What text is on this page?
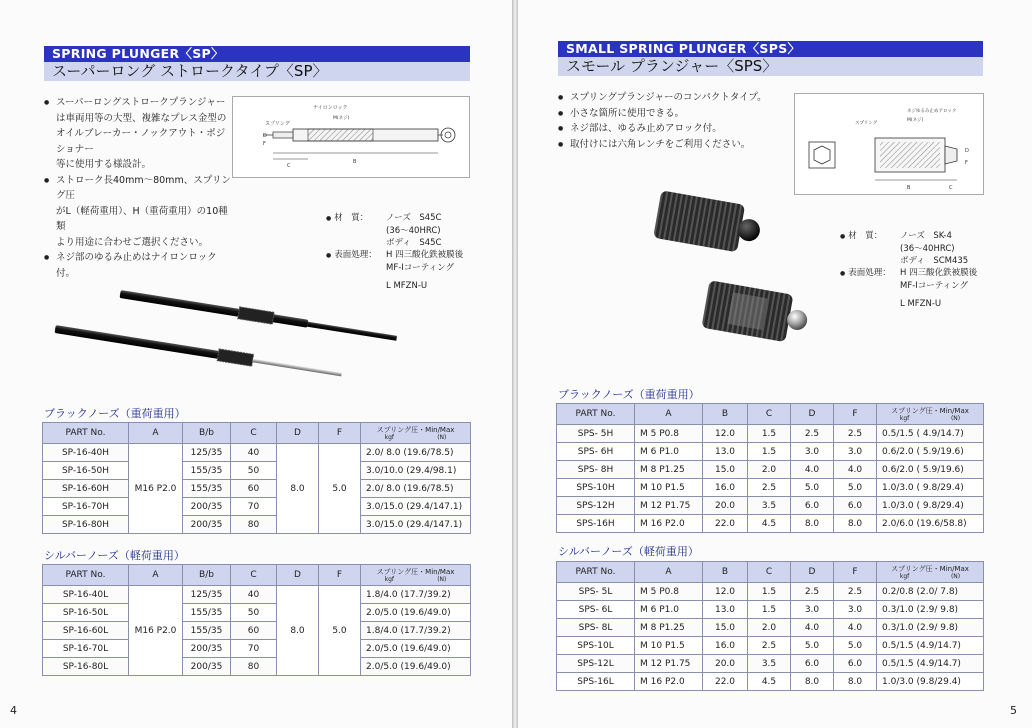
SPRING PLUNGER〈SP〉
スーパーロング ストロークタイプ〈SP〉
● スーパーロングストロークプランジャー
は車両用等の大型、複雑なプレス金型の
オイルブレーカー・ノックアウト・ポジショナー
等に使用する様設計。
● ストローク長40mm〜80mm、スプリング圧
がL（軽荷重用）、H（重荷重用）の10種類
より用途に合わせご選択ください。
● ネジ部のゆるみ止めはナイロンロック付。
ナイロンロック
M(ネジ)
スプリング
B
C
D
F
● 材　質：	ノーズ　S45C
(36〜40HRC)
ボディ　S45C
● 表面処理：	H 四三酸化鉄被膜後
MF-Iコーティング
L MFZN-U
ブラックノーズ（重荷重用）
PART No.	A	B/b	C	D	F	スプリング圧・Min/Max
kgf (N)

SP-16-40H	M16 P2.0	125/35	40	8.0	5.0	2.0/ 8.0 (19.6/78.5)
SP-16-50H		155/35	50			3.0/10.0 (29.4/98.1)
SP-16-60H		155/35	60			2.0/ 8.0 (19.6/78.5)
SP-16-70H		200/35	70			3.0/15.0 (29.4/147.1)
SP-16-80H		200/35	80			3.0/15.0 (29.4/147.1)
シルバーノーズ（軽荷重用）
PART No.	A	B/b	C	D	F	スプリング圧・Min/Max
kgf (N)

SP-16-40L	M16 P2.0	125/35	40	8.0	5.0	1.8/4.0 (17.7/39.2)
SP-16-50L		155/35	50			2.0/5.0 (19.6/49.0)
SP-16-60L		155/35	60			1.8/4.0 (17.7/39.2)
SP-16-70L		200/35	70			2.0/5.0 (19.6/49.0)
SP-16-80L		200/35	80			2.0/5.0 (19.6/49.0)
4
SMALL SPRING PLUNGER〈SPS〉
スモール プランジャー〈SPS〉
● スプリングプランジャーのコンパクトタイプ。
● 小さな箇所に使用できる。
● ネジ部は、ゆるみ止めアロック付。
● 取付けには六角レンチをご利用ください。
ネジゆるみ止めアロック
M(ネジ)
スプリング
B	C
D
F
● 材　質：	ノーズ　SK-4
(36〜40HRC)
ボディ　SCM435
● 表面処理：	H 四三酸化鉄被膜後
MF-Iコーティング
L MFZN-U
ブラックノーズ（重荷重用）
PART No.	A	B	C	D	F	スプリング圧・Min/Max
kgf (N)

SPS- 5H	M 5 P0.8	12.0	1.5	2.5	2.5	0.5/1.5 ( 4.9/14.7)
SPS- 6H	M 6 P1.0	13.0	1.5	3.0	3.0	0.6/2.0 ( 5.9/19.6)
SPS- 8H	M 8 P1.25	15.0	2.0	4.0	4.0	0.6/2.0 ( 5.9/19.6)
SPS-10H	M 10 P1.5	16.0	2.5	5.0	5.0	1.0/3.0 ( 9.8/29.4)
SPS-12H	M 12 P1.75	20.0	3.5	6.0	6.0	1.0/3.0 ( 9.8/29.4)
SPS-16H	M 16 P2.0	22.0	4.5	8.0	8.0	2.0/6.0 (19.6/58.8)
シルバーノーズ（軽荷重用）
PART No.	A	B	C	D	F	スプリング圧・Min/Max
kgf (N)

SPS- 5L	M 5 P0.8	12.0	1.5	2.5	2.5	0.2/0.8 (2.0/ 7.8)
SPS- 6L	M 6 P1.0	13.0	1.5	3.0	3.0	0.3/1.0 (2.9/ 9.8)
SPS- 8L	M 8 P1.25	15.0	2.0	4.0	4.0	0.3/1.0 (2.9/ 9.8)
SPS-10L	M 10 P1.5	16.0	2.5	5.0	5.0	0.5/1.5 (4.9/14.7)
SPS-12L	M 12 P1.75	20.0	3.5	6.0	6.0	0.5/1.5 (4.9/14.7)
SPS-16L	M 16 P2.0	22.0	4.5	8.0	8.0	1.0/3.0 (9.8/29.4)
5
